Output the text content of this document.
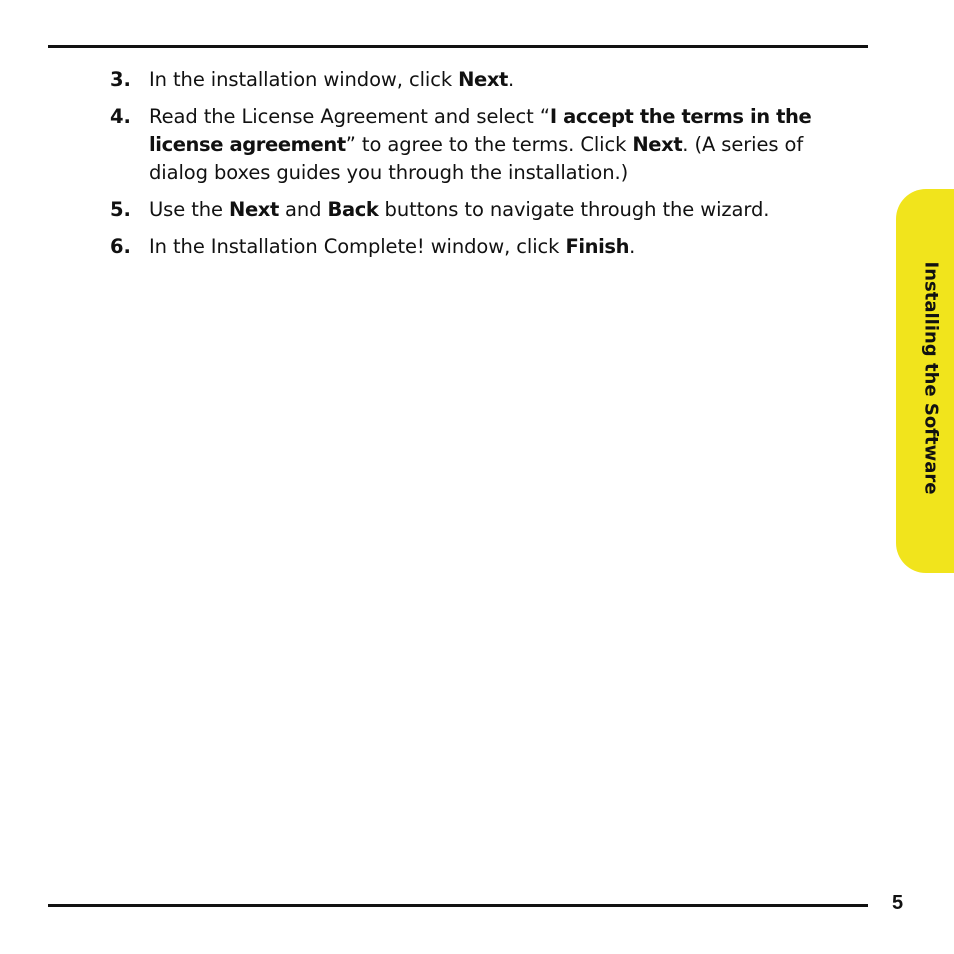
3. In the installation window, click Next.
4. Read the License Agreement and select “I accept the terms in the license agreement” to agree to the terms. Click Next. (A series of dialog boxes guides you through the installation.)
5. Use the Next and Back buttons to navigate through the wizard.
6. In the Installation Complete! window, click Finish.
Installing the Software
5
